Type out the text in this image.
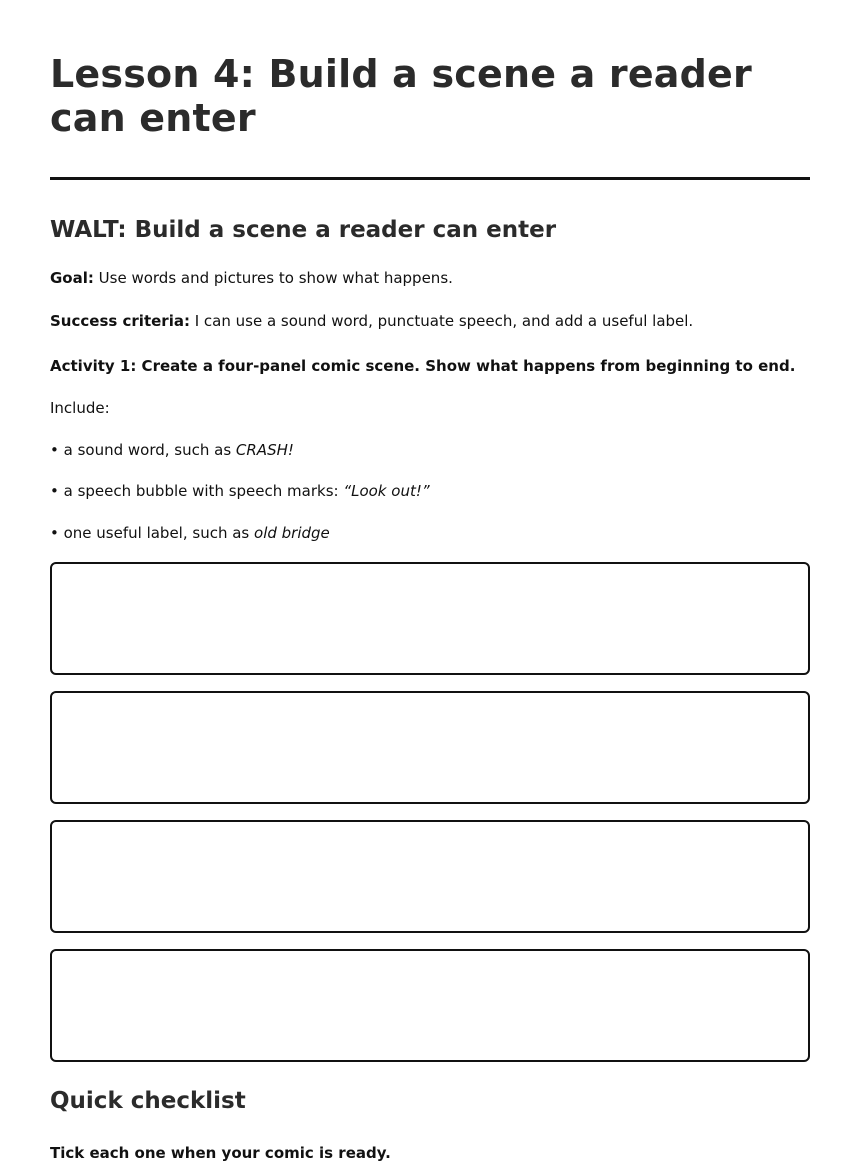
Lesson 4: Build a scene a reader can enter
WALT: Build a scene a reader can enter

Goal: Use words and pictures to show what happens.

Success criteria: I can use a sound word, punctuate speech, and add a useful label.

Activity 1: Create a four-panel comic scene. Show what happens from beginning to end.

Include:

• a sound word, such as CRASH!

• a speech bubble with speech marks: “Look out!”

• one useful label, such as old bridge

Quick checklist

Tick each one when your comic is ready.
